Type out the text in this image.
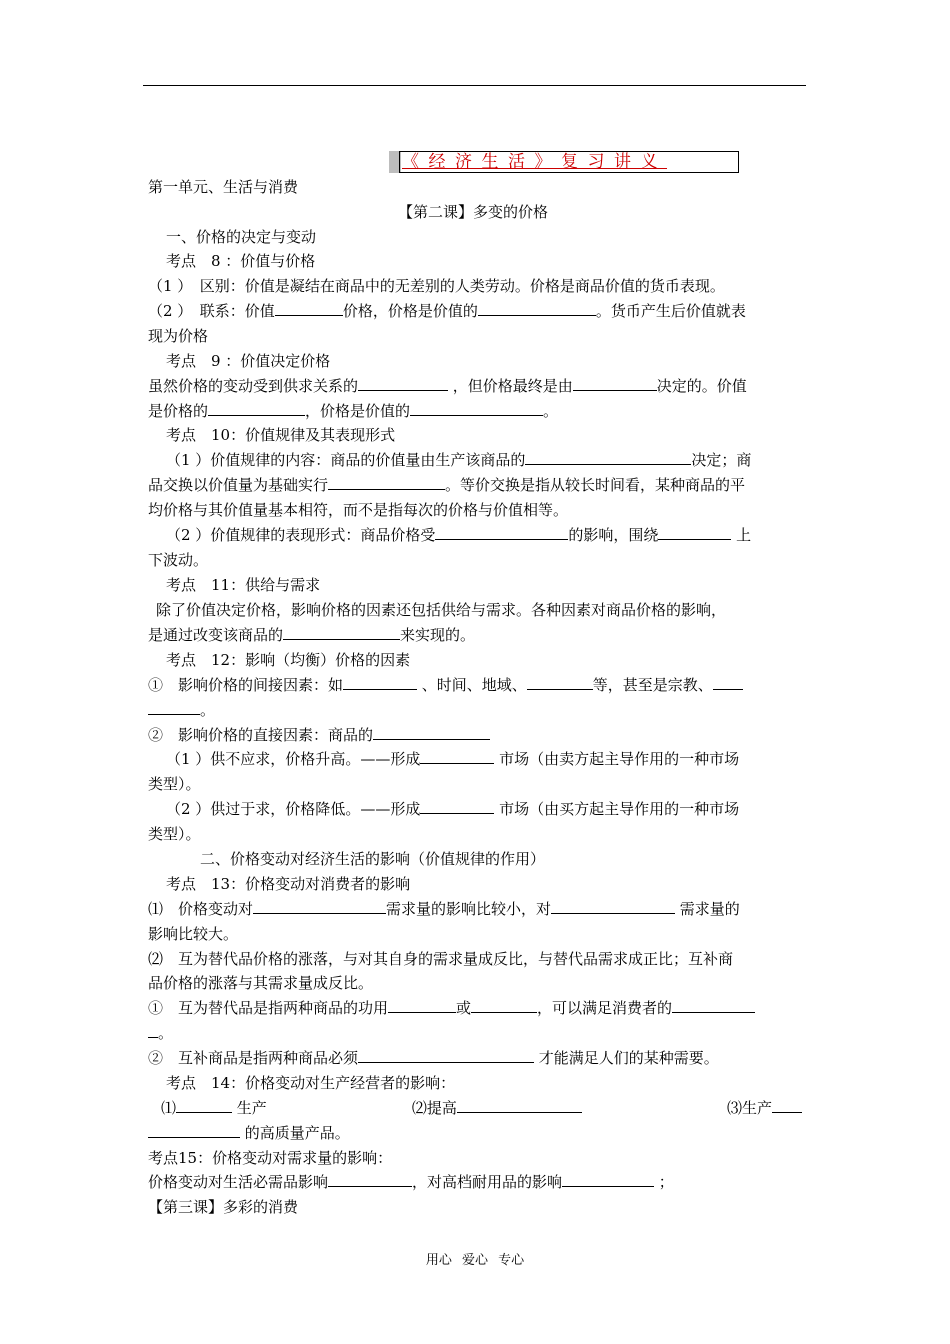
《经济生活》复习讲义
第一单元、生活与消费
【第二课】多变的价格
一、价格的决定与变动
考点　8 ：价值与价格
（1 ）　区别：价值是凝结在商品中的无差别的人类劳动。价格是商品价值的货币表现。
（2 ）　联系：价值	价格，价格是价值的	。货币产生后价值就表
现为价格
考点　9 ：价值决定价格
虽然价格的变动受到供求关系的	，但价格最终是由	决定的。价值
是价格的	，价格是价值的	。
考点　10：价值规律及其表现形式
（1 ）价值规律的内容：商品的价值量由生产该商品的	决定；商
品交换以价值量为基础实行	。等价交换是指从较长时间看，某种商品的平
均价格与其价值量基本相符，而不是指每次的价格与价值相等。
（2 ）价值规律的表现形式：商品价格受	的影响，围绕	上
下波动。
考点　11：供给与需求
除了价值决定价格，影响价格的因素还包括供给与需求。各种因素对商品价格的影响，
是通过改变该商品的	来实现的。
考点　12：影响（均衡）价格的因素
①　影响价格的间接因素：如	、时间、地域、	等，甚至是宗教、
。
②　影响价格的直接因素：商品的
（1 ）供不应求，价格升高。——形成	市场（由卖方起主导作用的一种市场
类型）。
（2 ）供过于求，价格降低。——形成	市场（由买方起主导作用的一种市场
类型）。
二、价格变动对经济生活的影响（价值规律的作用）
考点　13：价格变动对消费者的影响
⑴　价格变动对	需求量的影响比较小，对	需求量的
影响比较大。
⑵　互为替代品价格的涨落，与对其自身的需求量成反比，与替代品需求成正比；互补商
品价格的涨落与其需求量成反比。
①　互为替代品是指两种商品的功用	或	，可以满足消费者的
。
②　互补商品是指两种商品必须	才能满足人们的某种需要。
考点　14：价格变动对生产经营者的影响：
⑴	生产	⑵提高	⑶生产
的高质量产品。
考点15：价格变动对需求量的影响：
价格变动对生活必需品影响	，对高档耐用品的影响	；
【第三课】多彩的消费
用心 爱心 专心
